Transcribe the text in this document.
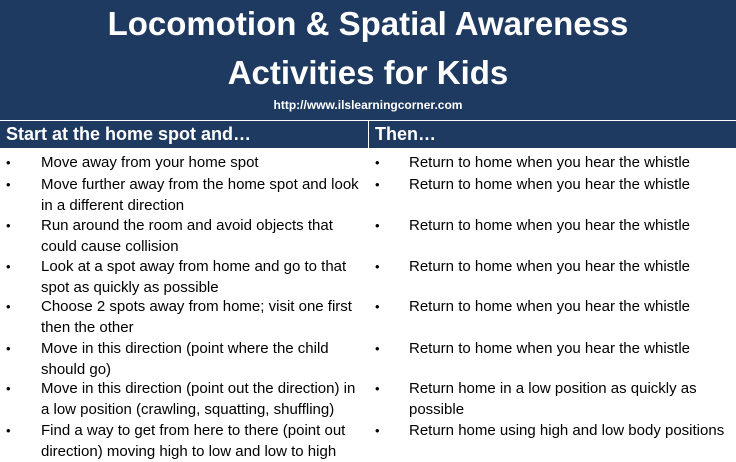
Locomotion & Spatial Awareness
Activities for Kids
http://www.ilslearningcorner.com
Start at the home spot and…	Then…
• Move away from your home spot	• Return to home when you hear the whistle
• Move further away from the home spot and look in a different direction
• Return to home when you hear the whistle
• Run around the room and avoid objects that could cause collision
• Return to home when you hear the whistle
• Look at a spot away from home and go to that spot as quickly as possible
• Return to home when you hear the whistle
• Choose 2 spots away from home; visit one first then the other
• Return to home when you hear the whistle
• Move in this direction (point where the child should go)
• Return to home when you hear the whistle
• Move in this direction (point out the direction) in a low position (crawling, squatting, shuffling)
• Return home in a low position as quickly as possible
• Find a way to get from here to there (point out direction) moving high to low and low to high
• Return home using high and low body positions
